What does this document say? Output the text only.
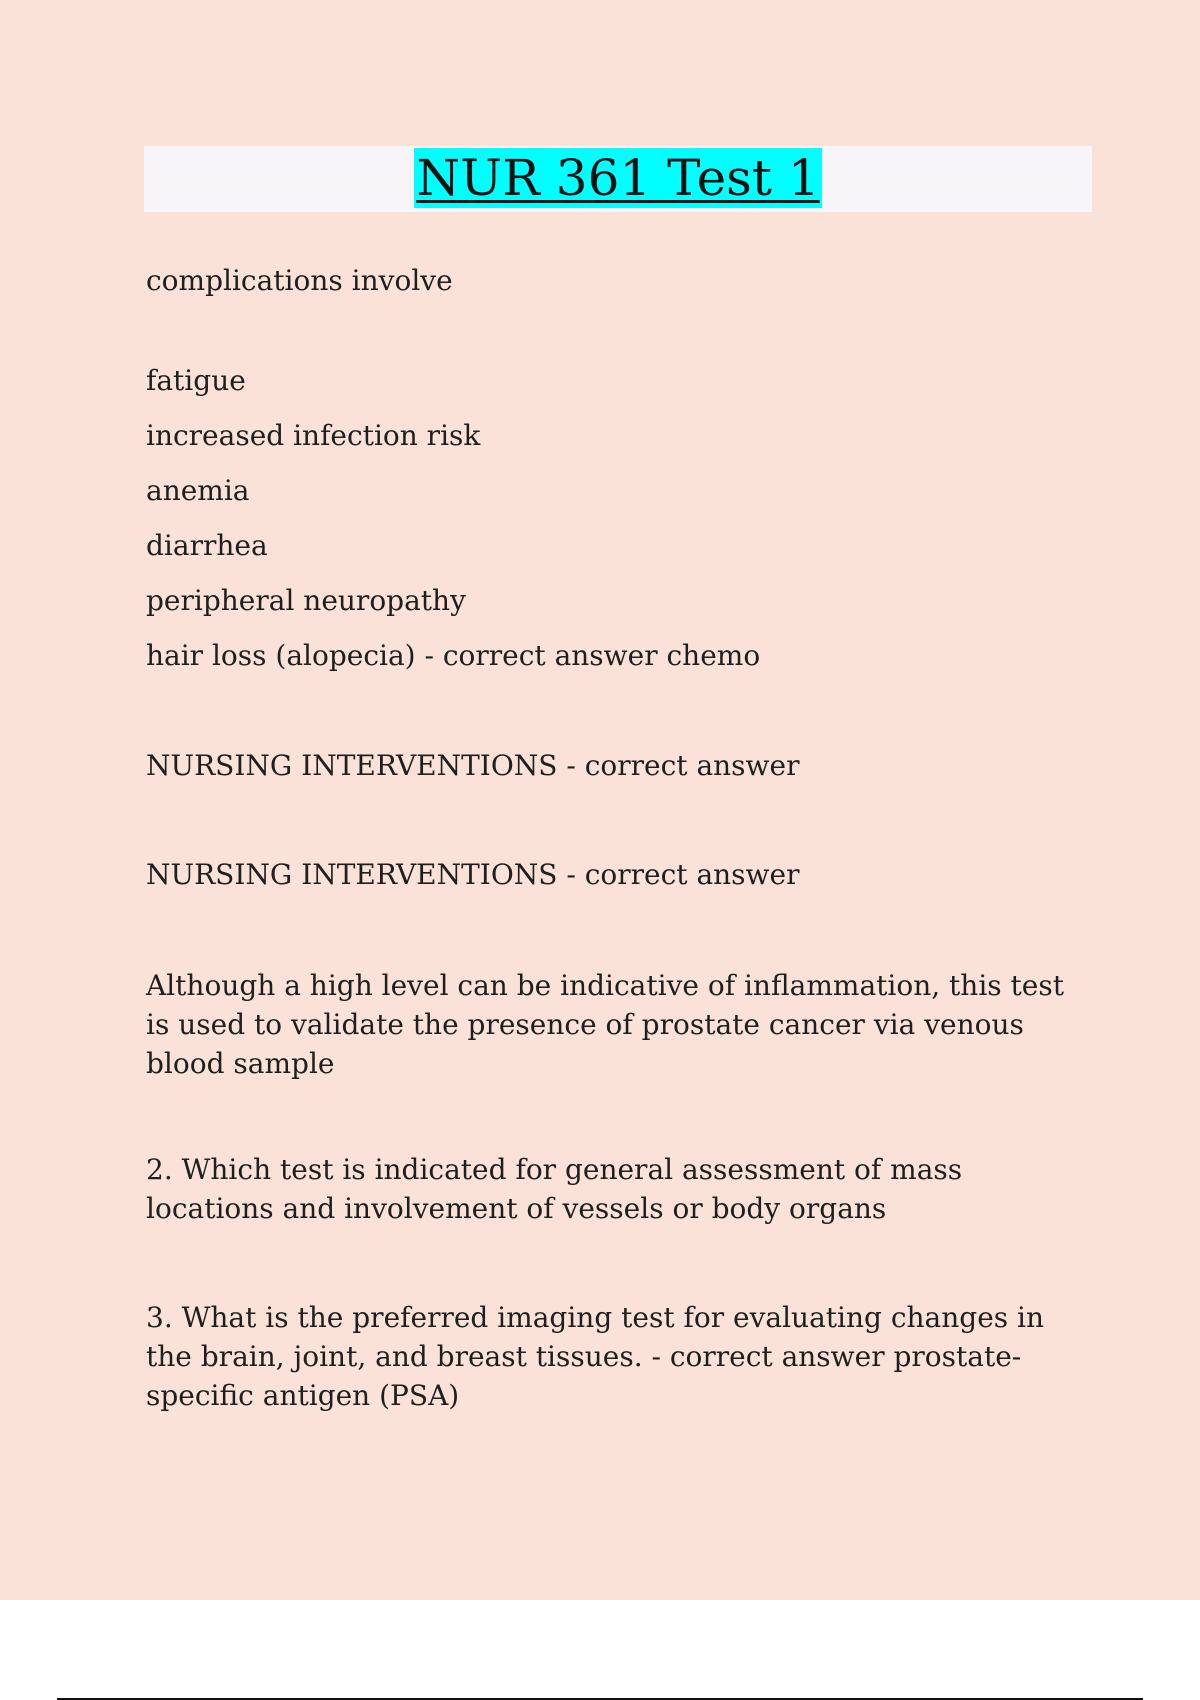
NUR 361 Test 1
complications involve
fatigue
increased infection risk
anemia
diarrhea
peripheral neuropathy
hair loss (alopecia) - correct answer chemo
NURSING INTERVENTIONS - correct answer
NURSING INTERVENTIONS - correct answer
Although a high level can be indicative of inflammation, this test is used to validate the presence of prostate cancer via venous blood sample
2. Which test is indicated for general assessment of mass locations and involvement of vessels or body organs
3. What is the preferred imaging test for evaluating changes in the brain, joint, and breast tissues. - correct answer prostate-specific antigen (PSA)
